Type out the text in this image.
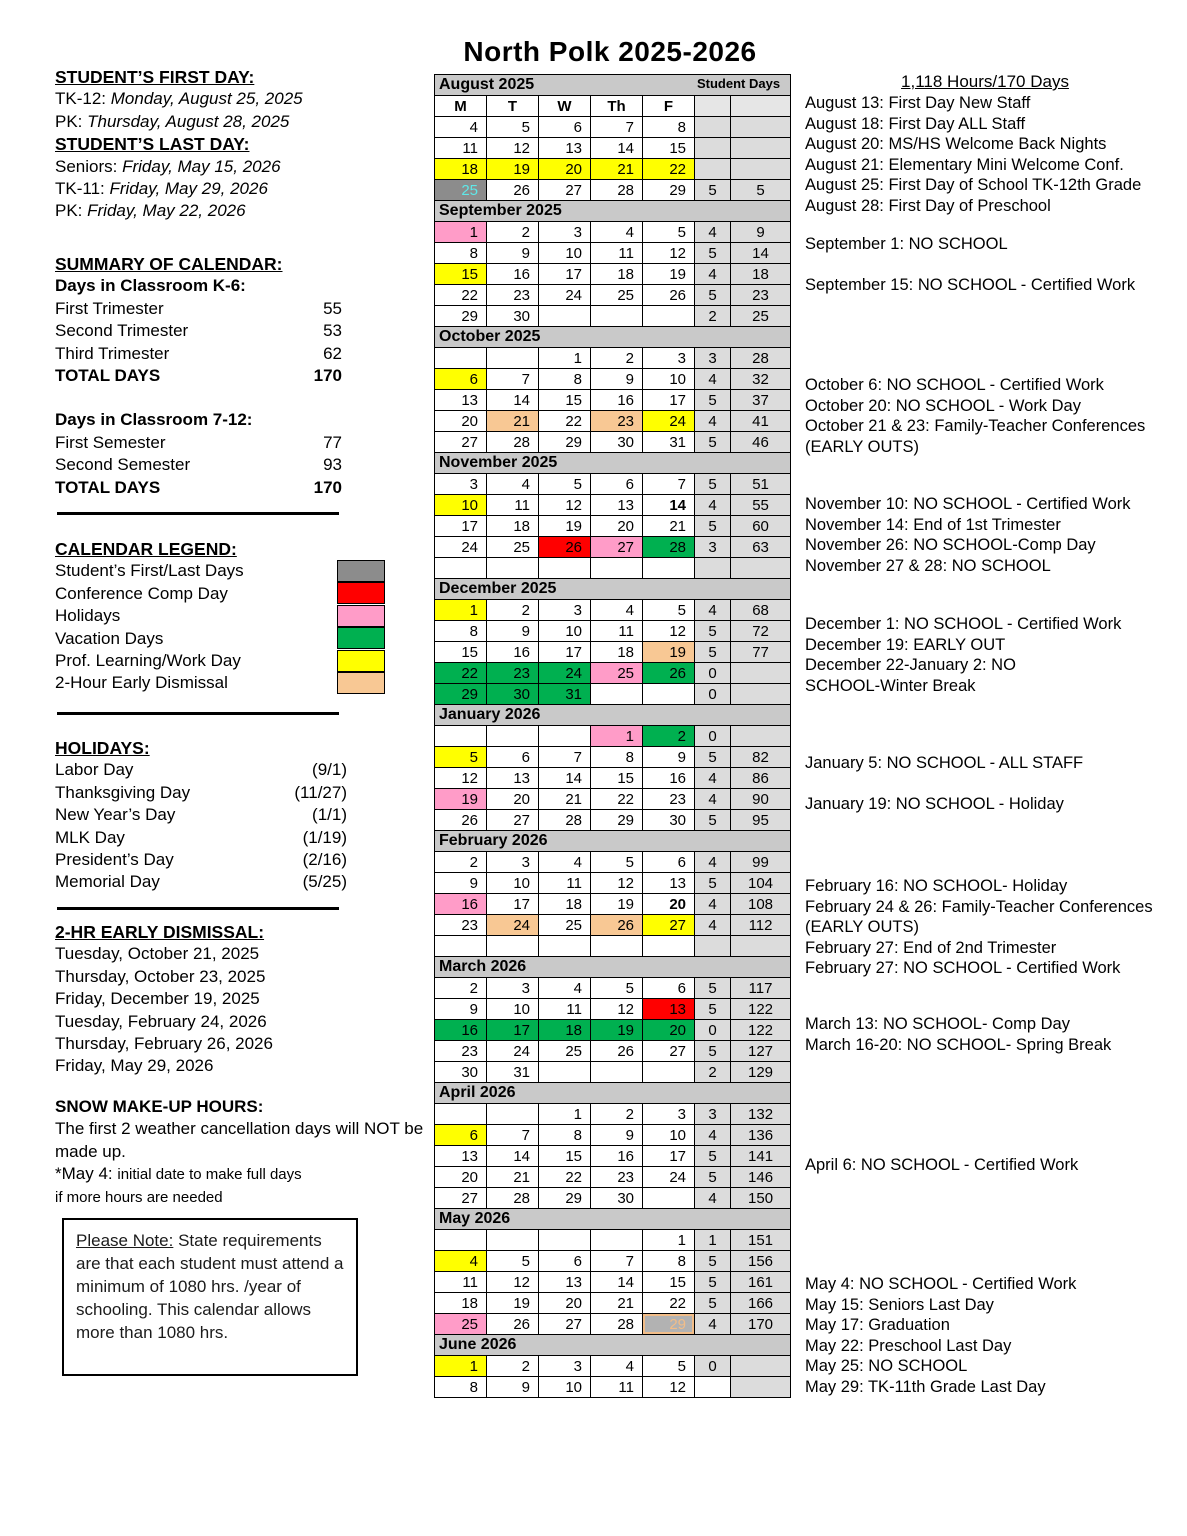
North Polk 2025-2026
STUDENT’S FIRST DAY:
TK-12: Monday, August 25, 2025
PK: Thursday, August 28, 2025
STUDENT’S LAST DAY:
Seniors: Friday, May 15, 2026
TK-11: Friday, May 29, 2026
PK: Friday, May 22, 2026
SUMMARY OF CALENDAR:
Days in Classroom K-6:
First Trimester	55
Second Trimester	53
Third Trimester	62
TOTAL DAYS	170
Days in Classroom 7-12:
First Semester	77
Second Semester	93
TOTAL DAYS	170
CALENDAR LEGEND:
Student’s First/Last Days
Conference Comp Day
Holidays
Vacation Days
Prof. Learning/Work Day
2-Hour Early Dismissal
HOLIDAYS:
Labor Day	(9/1)
Thanksgiving Day	(11/27)
New Year’s Day	(1/1)
MLK Day	(1/19)
President’s Day	(2/16)
Memorial Day	(5/25)
2-HR EARLY DISMISSAL:
Tuesday, October 21, 2025
Thursday, October 23, 2025
Friday, December 19, 2025
Tuesday, February 24, 2026
Thursday, February 26, 2026
Friday, May 29, 2026
SNOW MAKE-UP HOURS:
The first 2 weather cancellation days will NOT be made up.
*May 4: initial date to make full days
if more hours are needed
Please Note: State requirements are that each student must attend a minimum of 1080 hrs. /year of schooling. This calendar allows more than 1080 hrs.
August 2025 Student Days						

M	T	W	Th	F		
4	5	6	7	8		
11	12	13	14	15		
18	19	20	21	22		
25	26	27	28	29	5	5
September 2025						
1	2	3	4	5	4	9
8	9	10	11	12	5	14
15	16	17	18	19	4	18
22	23	24	25	26	5	23
29	30				2	25
October 2025						
		1	2	3	3	28
6	7	8	9	10	4	32
13	14	15	16	17	5	37
20	21	22	23	24	4	41
27	28	29	30	31	5	46
November 2025						
3	4	5	6	7	5	51
10	11	12	13	14	4	55
17	18	19	20	21	5	60
24	25	26	27	28	3	63

December 2025						
1	2	3	4	5	4	68
8	9	10	11	12	5	72
15	16	17	18	19	5	77
22	23	24	25	26	0	
29	30	31			0	
January 2026						
			1	2	0	
5	6	7	8	9	5	82
12	13	14	15	16	4	86
19	20	21	22	23	4	90
26	27	28	29	30	5	95
February 2026						
2	3	4	5	6	4	99
9	10	11	12	13	5	104
16	17	18	19	20	4	108
23	24	25	26	27	4	112

March 2026						
2	3	4	5	6	5	117
9	10	11	12	13	5	122
16	17	18	19	20	0	122
23	24	25	26	27	5	127
30	31				2	129
April 2026						
		1	2	3	3	132
6	7	8	9	10	4	136
13	14	15	16	17	5	141
20	21	22	23	24	5	146
27	28	29	30		4	150
May 2026						
				1	1	151
4	5	6	7	8	5	156
11	12	13	14	15	5	161
18	19	20	21	22	5	166
25	26	27	28	29	4	170
June 2026						
1	2	3	4	5	0	
8	9	10	11	12		
1,118 Hours/170 Days
August 13: First Day New Staff
August 18: First Day ALL Staff
August 20: MS/HS Welcome Back Nights
August 21: Elementary Mini Welcome Conf.
August 25: First Day of School TK-12th Grade
August 28: First Day of Preschool
September 1: NO SCHOOL

September 15: NO SCHOOL - Certified Work
October 6: NO SCHOOL - Certified Work
October 20: NO SCHOOL - Work Day
October 21 & 23: Family-Teacher Conferences
(EARLY OUTS)
November 10: NO SCHOOL - Certified Work
November 14: End of 1st Trimester
November 26: NO SCHOOL-Comp Day
November 27 & 28: NO SCHOOL
December 1: NO SCHOOL - Certified Work
December 19: EARLY OUT
December 22-January 2: NO
SCHOOL-Winter Break
January 5: NO SCHOOL - ALL STAFF

January 19: NO SCHOOL - Holiday
February 16: NO SCHOOL- Holiday
February 24 & 26: Family-Teacher Conferences
(EARLY OUTS)
February 27: End of 2nd Trimester
February 27: NO SCHOOL - Certified Work
March 13: NO SCHOOL- Comp Day
March 16-20: NO SCHOOL- Spring Break
April 6: NO SCHOOL - Certified Work
May 4: NO SCHOOL - Certified Work
May 15: Seniors Last Day
May 17: Graduation
May 22: Preschool Last Day
May 25: NO SCHOOL
May 29: TK-11th Grade Last Day
